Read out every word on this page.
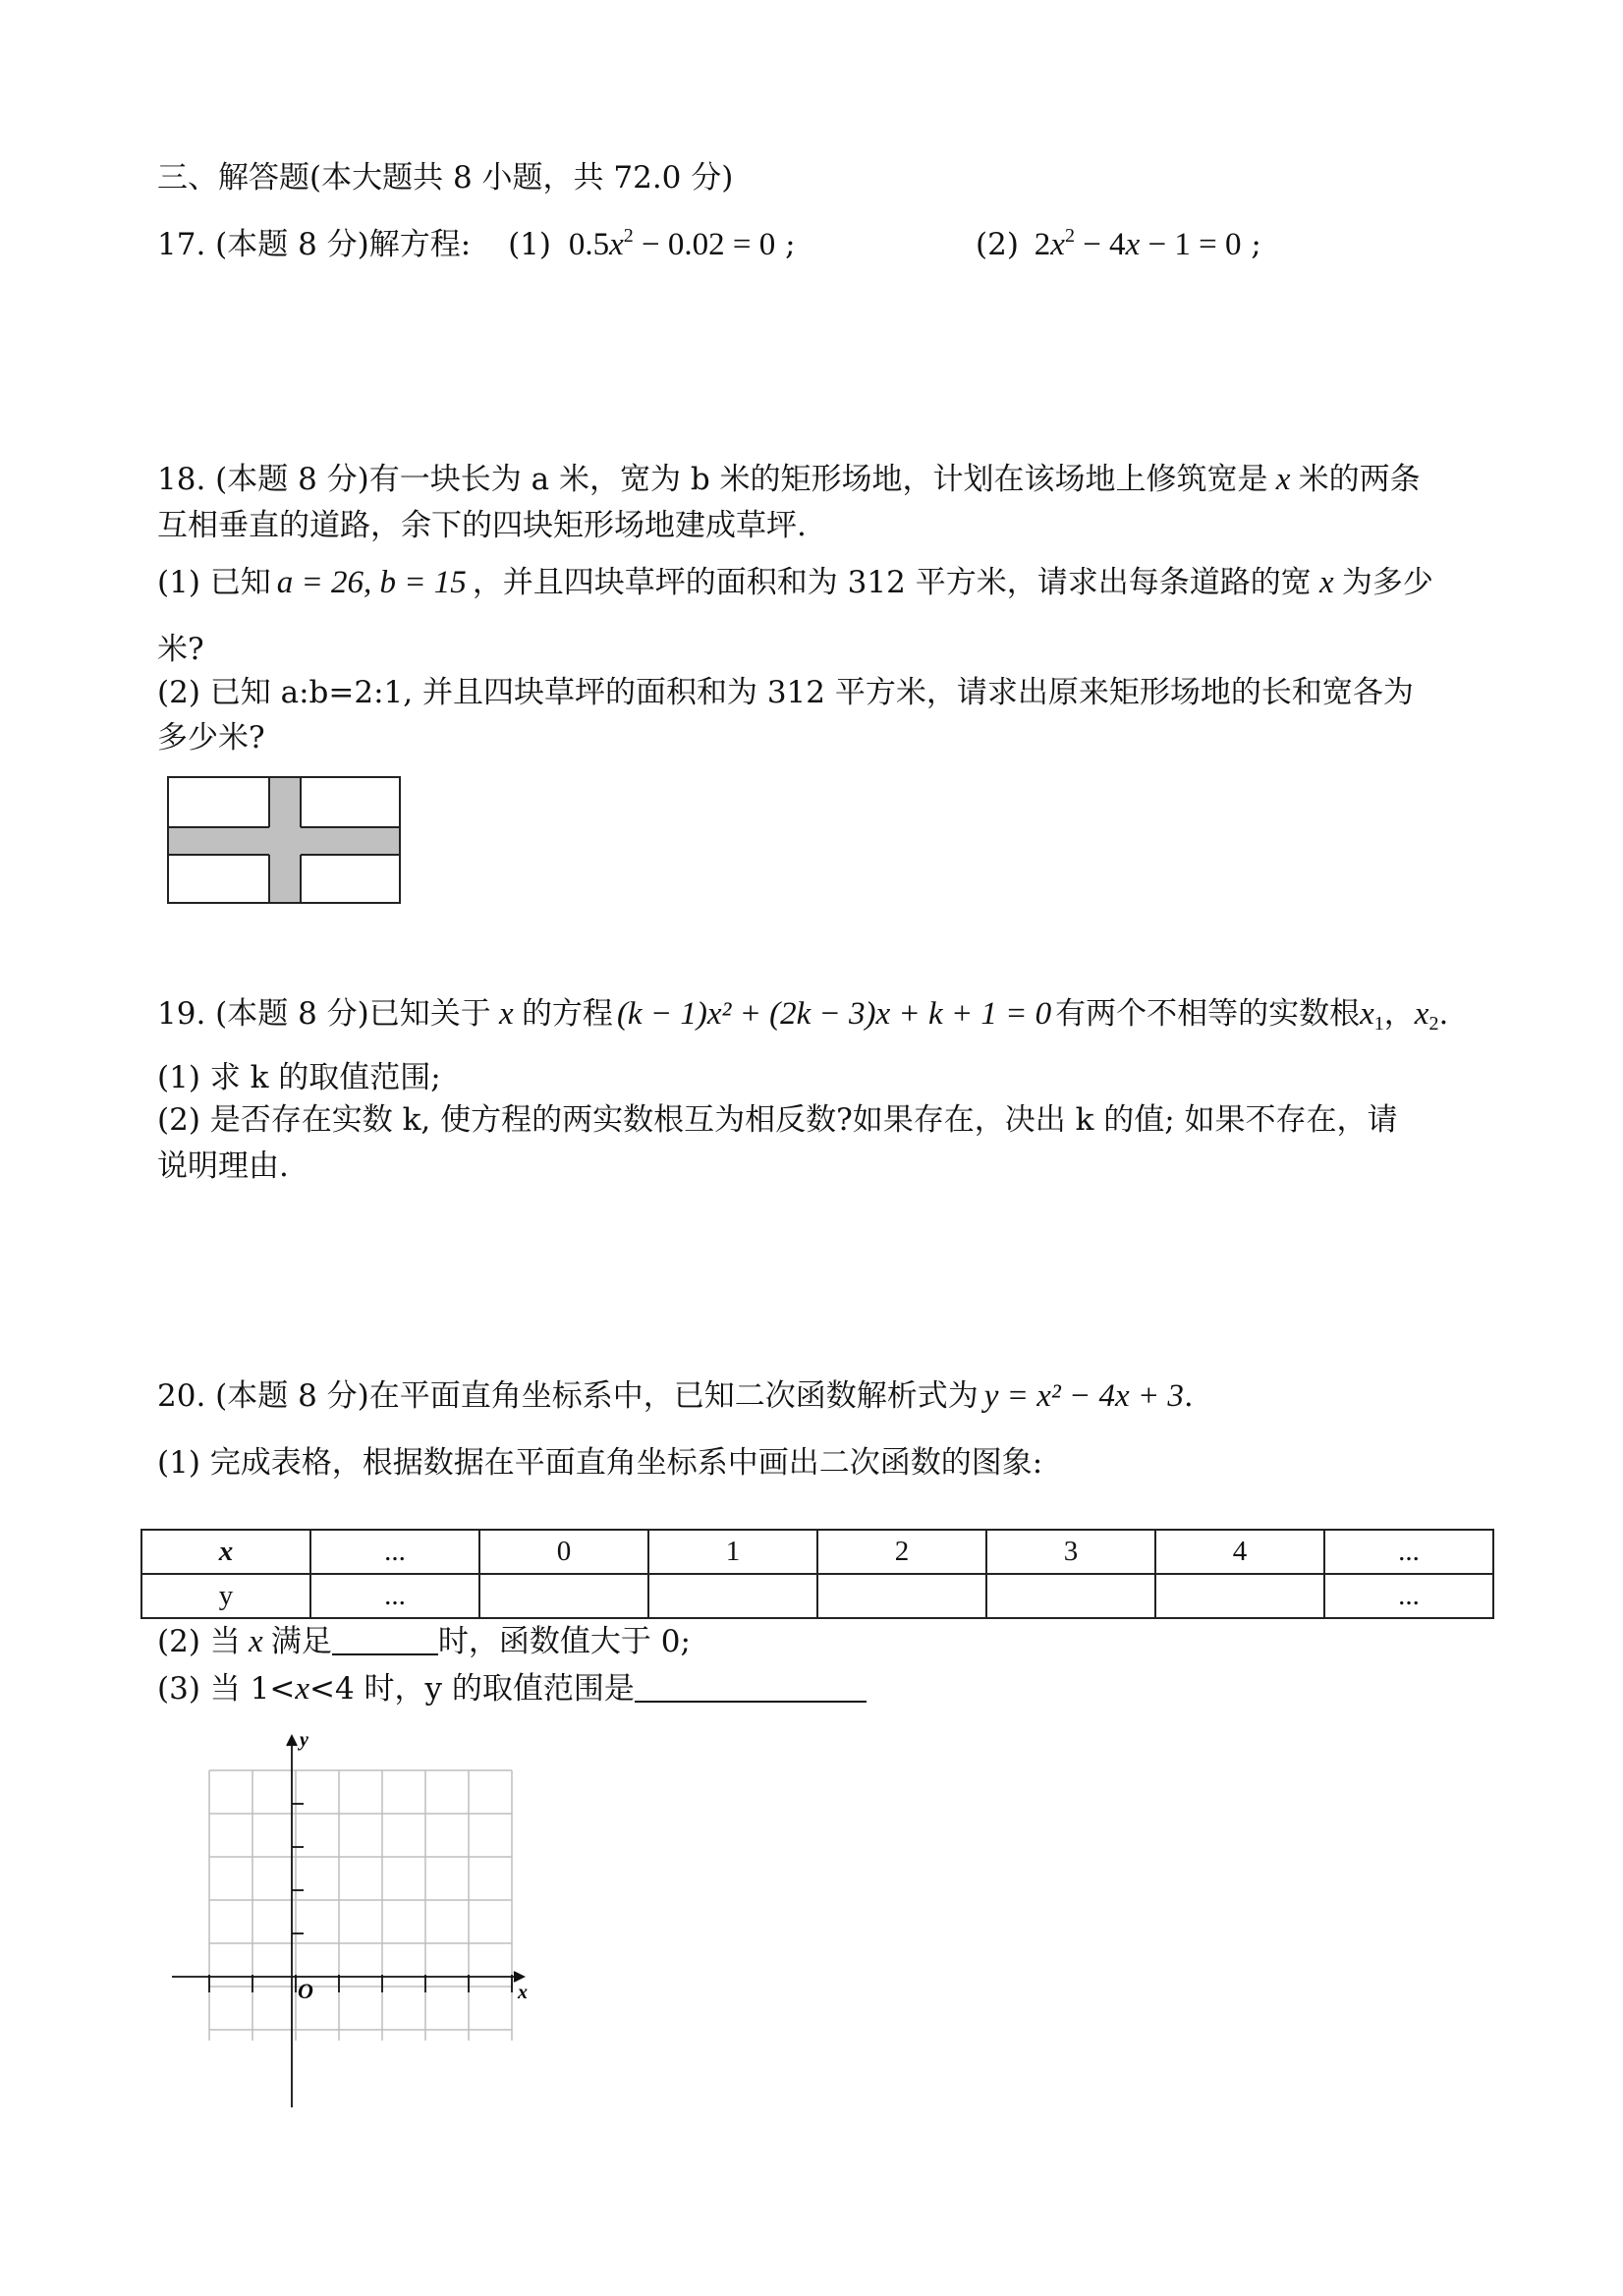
三、解答题(本大题共 8 小题，共 72.0 分)
17. (本题 8 分)解方程: (1) $0.5x^2 - 0.02 = 0$ ;	(2) $2x^2 - 4x - 1 = 0$ ;
18. (本题 8 分)有一块长为 a 米，宽为 b 米的矩形场地，计划在该场地上修筑宽是 x 米的两条
互相垂直的道路，余下的四块矩形场地建成草坪.
(1) 已知 a = 26, b = 15 ，并且四块草坪的面积和为 312 平方米，请求出每条道路的宽 x 为多少
米?
(2) 已知 a:b=2:1, 并且四块草坪的面积和为 312 平方米，请求出原来矩形场地的长和宽各为
多少米?
19. (本题 8 分)已知关于 x 的方程 (k − 1)x² + (2k − 3)x + k + 1 = 0 有两个不相等的实数根$x_1$，$x_2$.
(1) 求 k 的取值范围;
(2) 是否存在实数 k, 使方程的两实数根互为相反数?如果存在，决出 k 的值; 如果不存在，请
说明理由.
20. (本题 8 分)在平面直角坐标系中，已知二次函数解析式为 y = x² − 4x + 3.
(1) 完成表格，根据数据在平面直角坐标系中画出二次函数的图象:
x	...	0	1	2	3	4	...
y	...						...
(2) 当 x 满足	时，函数值大于 0;
(3) 当 1<x<4 时，y 的取值范围是
O	x
y
